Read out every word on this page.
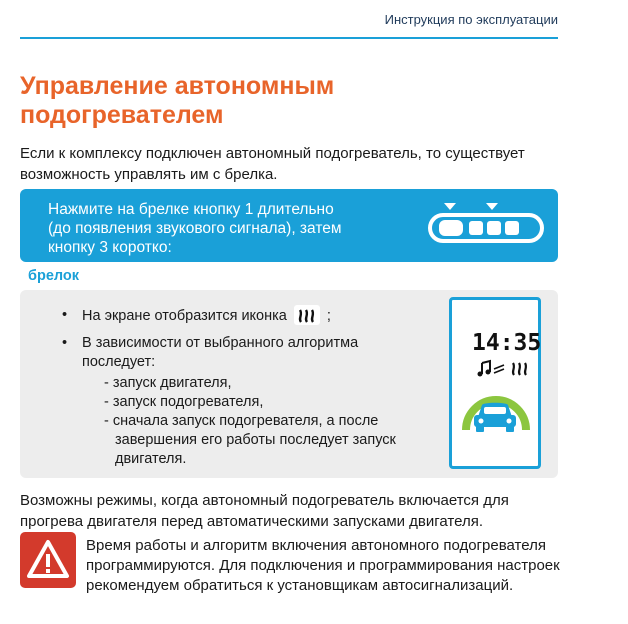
Инструкция по эксплуатации
Управление автономным
подогревателем
Если к комплексу подключен автономный подогреватель, то существует возможность управлять им с брелка.
Нажмите на брелке кнопку 1 длительно
(до появления звукового сигнала), затем
кнопку 3 коротко:
брелок
•	На экране отобразится иконка	;
• В зависимости от выбранного алгоритма
последует:
- запуск двигателя,
- запуск подогревателя,
- сначала запуск подогревателя, а после завершения его работы последует запуск двигателя.
14:35
Возможны режимы, когда автономный подогреватель включается для прогрева двигателя перед автоматическими запусками двигателя.
Время работы и алгоритм включения автономного подогревателя программируются. Для подключения и программирования настроек рекомендуем обратиться к установщикам автосигнализаций.
